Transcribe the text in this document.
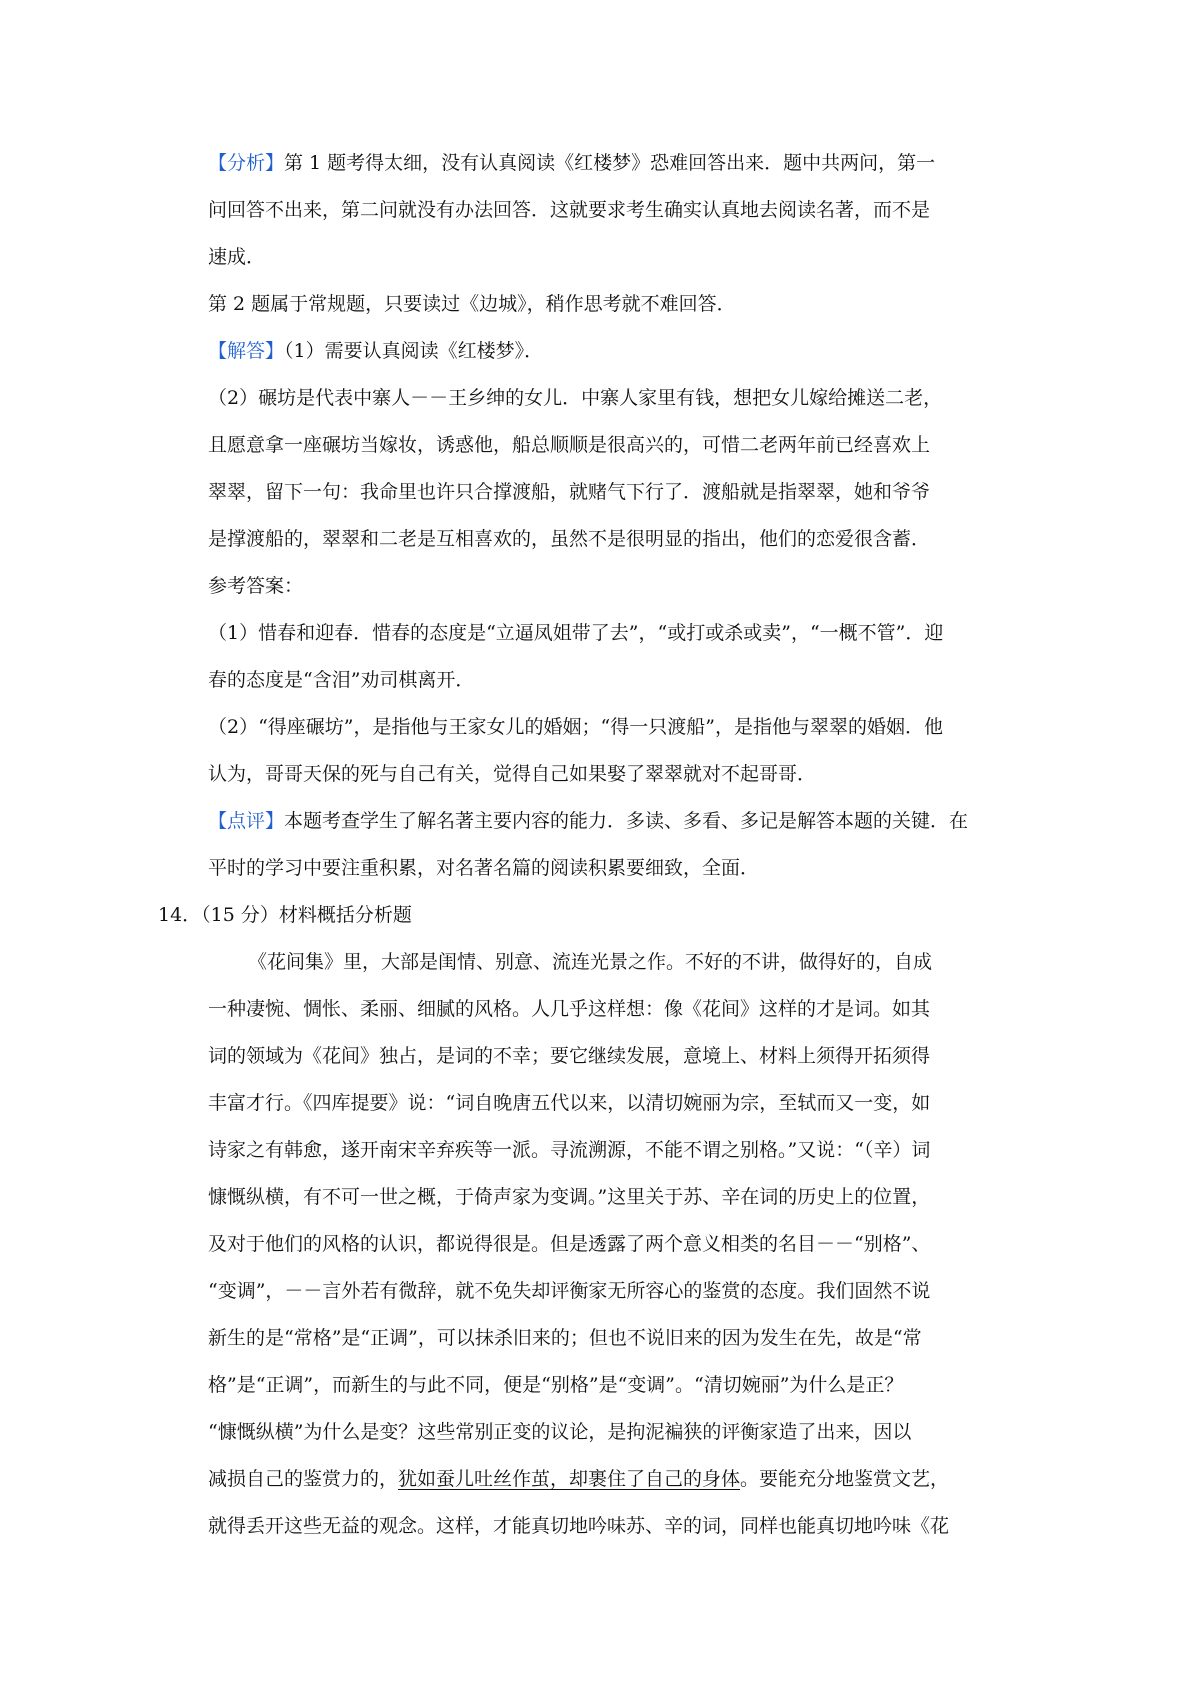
【分析】第 1 题考得太细，没有认真阅读《红楼梦》恐难回答出来．题中共两问，第一
问回答不出来，第二问就没有办法回答．这就要求考生确实认真地去阅读名著，而不是
速成．
第 2 题属于常规题，只要读过《边城》，稍作思考就不难回答．
【解答】（1）需要认真阅读《红楼梦》．
（2）碾坊是代表中寨人－－王乡绅的女儿．中寨人家里有钱，想把女儿嫁给摊送二老，
且愿意拿一座碾坊当嫁妆，诱惑他，船总顺顺是很高兴的，可惜二老两年前已经喜欢上
翠翠，留下一句：我命里也许只合撑渡船，就赌气下行了．渡船就是指翠翠，她和爷爷
是撑渡船的，翠翠和二老是互相喜欢的，虽然不是很明显的指出，他们的恋爱很含蓄．
参考答案：
（1）惜春和迎春．惜春的态度是“立逼凤姐带了去”，“或打或杀或卖”，“一概不管”．迎
春的态度是“含泪”劝司棋离开．
（2）“得座碾坊”，是指他与王家女儿的婚姻；“得一只渡船”，是指他与翠翠的婚姻．他
认为，哥哥天保的死与自己有关，觉得自己如果娶了翠翠就对不起哥哥．
【点评】本题考查学生了解名著主要内容的能力．多读、多看、多记是解答本题的关键．在
平时的学习中要注重积累，对名著名篇的阅读积累要细致，全面．
14．（15 分）材料概括分析题
《花间集》里，大部是闺情、别意、流连光景之作。不好的不讲，做得好的，自成
一种凄惋、惆怅、柔丽、细腻的风格。人几乎这样想：像《花间》这样的才是词。如其
词的领域为《花间》独占，是词的不幸；要它继续发展，意境上、材料上须得开拓须得
丰富才行。《四库提要》说：“词自晚唐五代以来，以清切婉丽为宗，至轼而又一变，如
诗家之有韩愈，遂开南宋辛弃疾等一派。寻流溯源，不能不谓之别格。”又说：“（辛）词
慷慨纵横，有不可一世之概，于倚声家为变调。”这里关于苏、辛在词的历史上的位置，
及对于他们的风格的认识，都说得很是。但是透露了两个意义相类的名目－－“别格”、
“变调”，－－言外若有微辞，就不免失却评衡家无所容心的鉴赏的态度。我们固然不说
新生的是“常格”是“正调”，可以抹杀旧来的；但也不说旧来的因为发生在先，故是“常
格”是“正调”，而新生的与此不同，便是“别格”是“变调”。“清切婉丽”为什么是正？
“慷慨纵横”为什么是变？这些常别正变的议论，是拘泥褊狭的评衡家造了出来，因以
减损自己的鉴赏力的，犹如蚕儿吐丝作茧，却裹住了自己的身体。要能充分地鉴赏文艺，
就得丢开这些无益的观念。这样，才能真切地吟味苏、辛的词，同样也能真切地吟味《花
